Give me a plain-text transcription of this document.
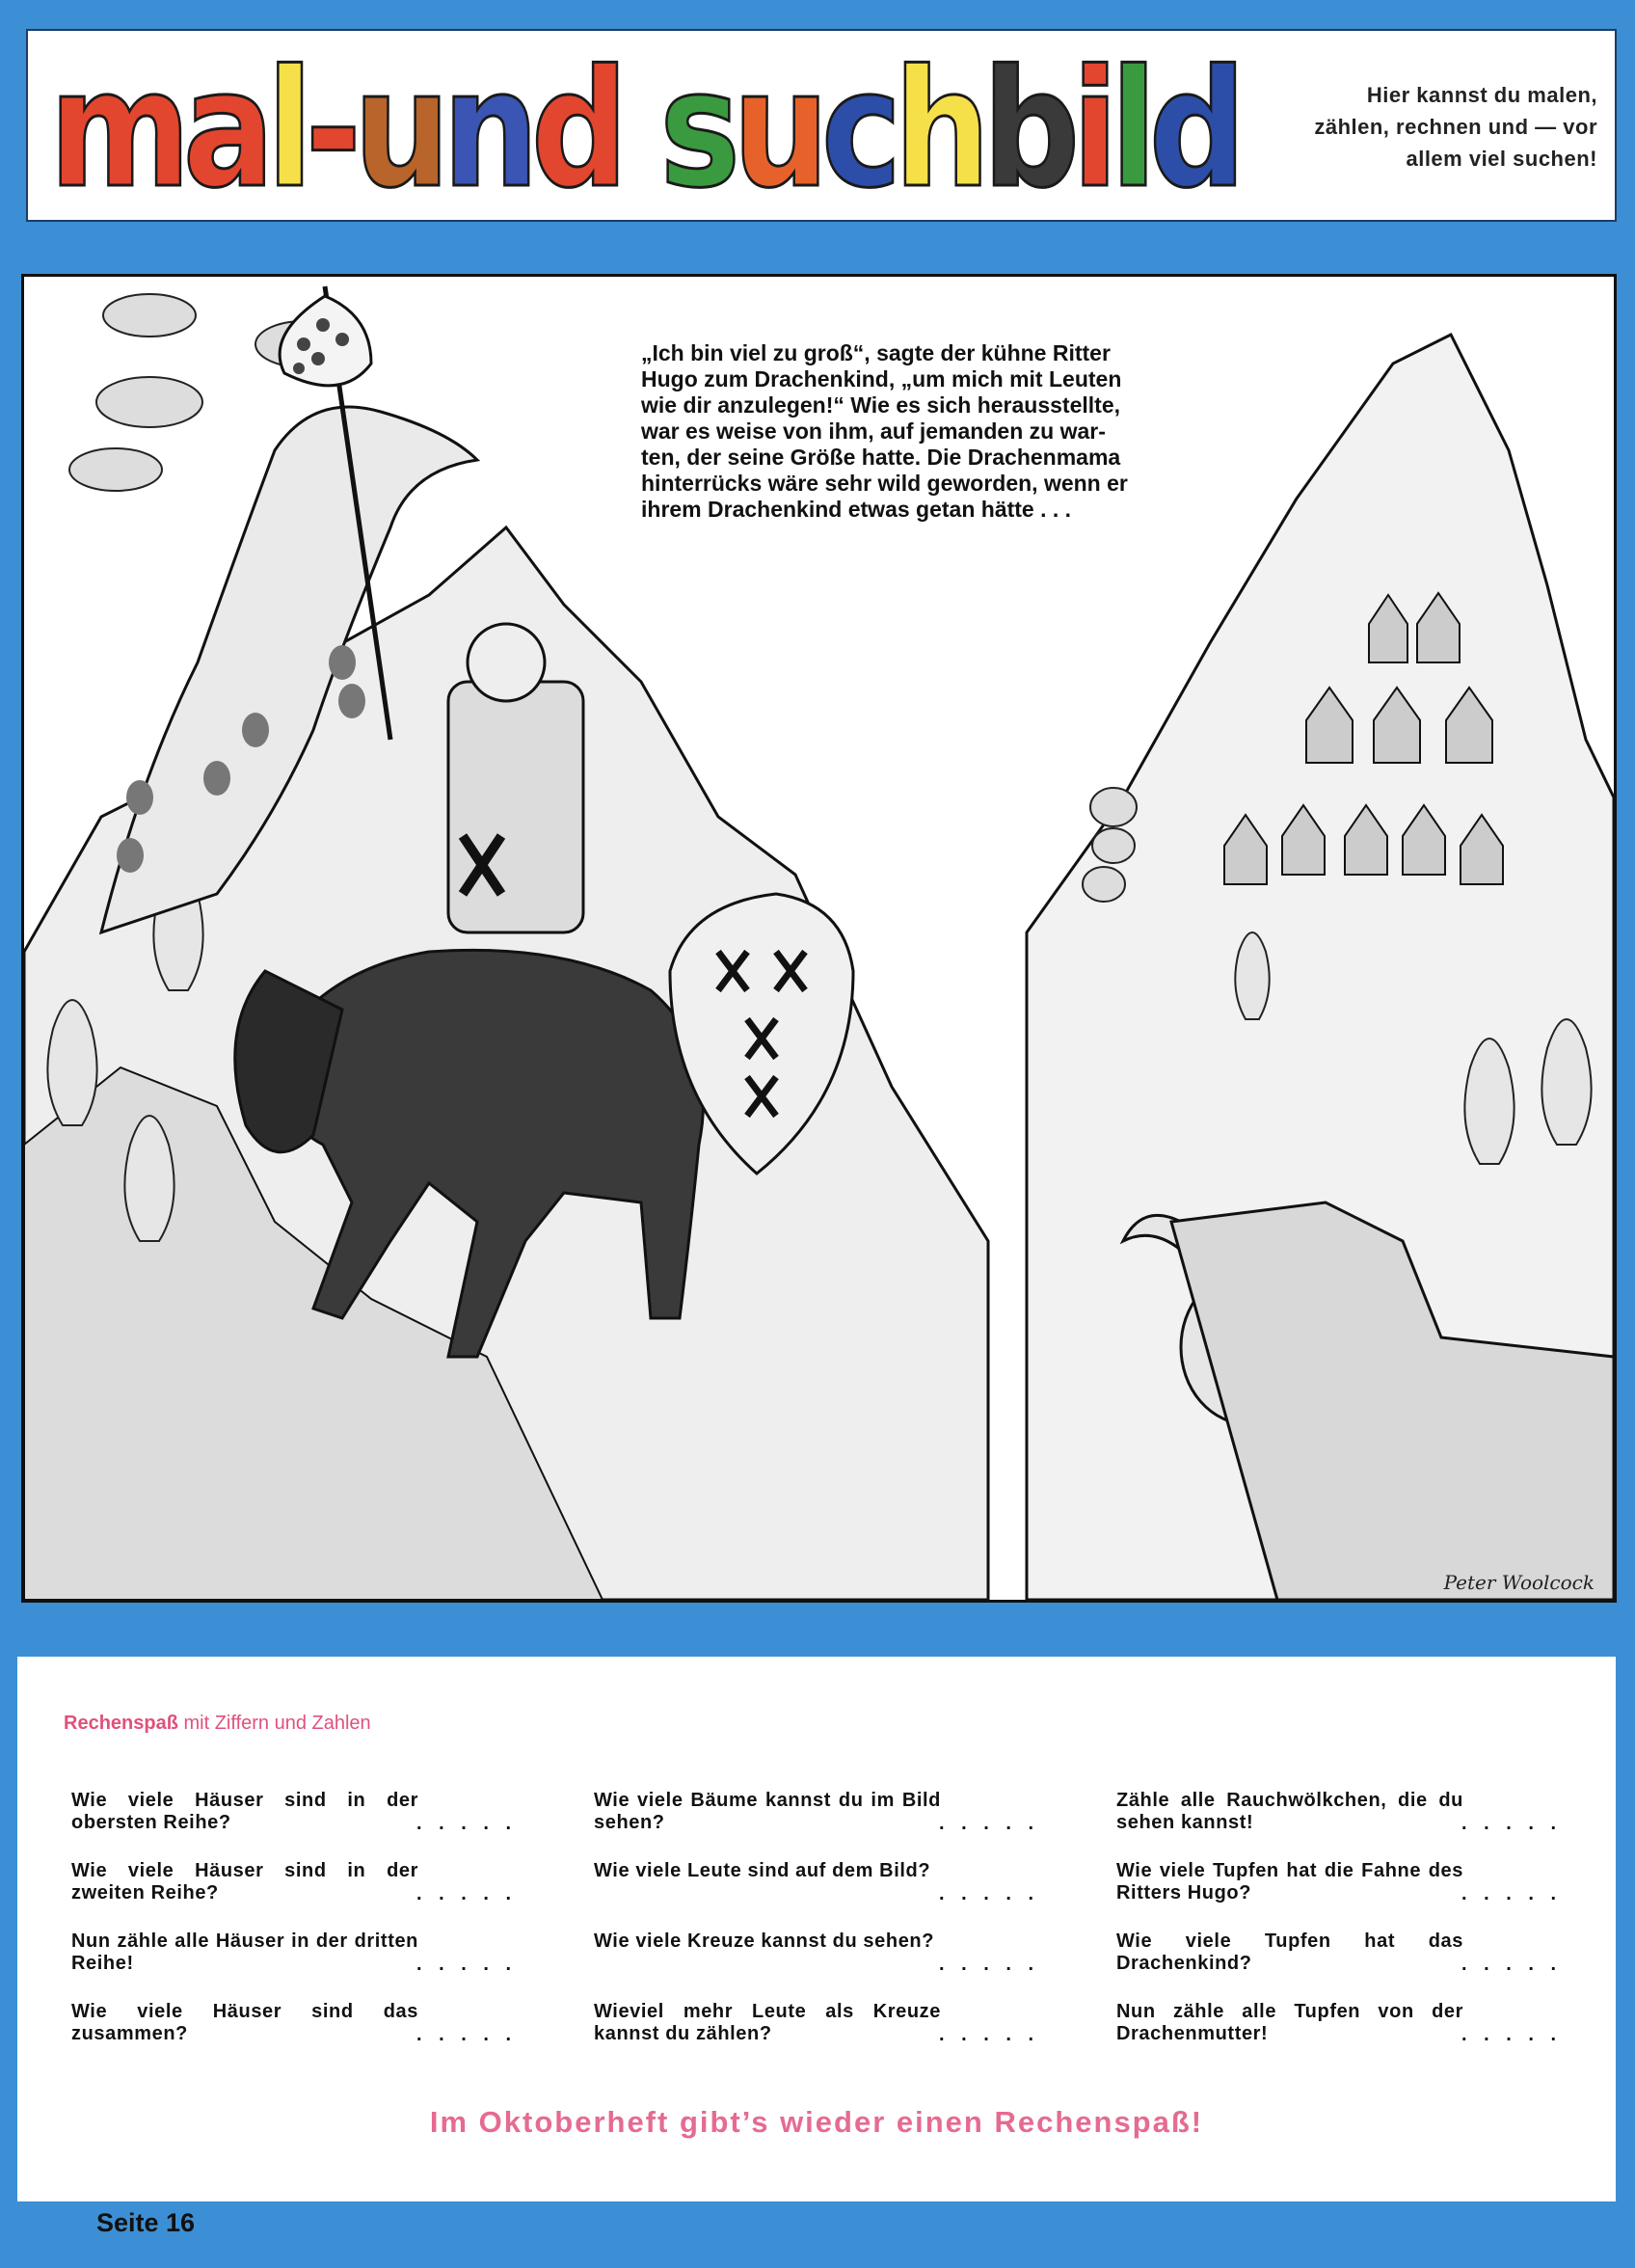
mal-und suchbild	Hier kannst du malen, zählen, rechnen und — vor allem viel suchen!
„Ich bin viel zu groß“, sagte der kühne Ritter
Hugo zum Drachenkind, „um mich mit Leuten
wie dir anzulegen!“ Wie es sich herausstellte,
war es weise von ihm, auf jemanden zu war-
ten, der seine Größe hatte. Die Drachenmama
hinterrücks wäre sehr wild geworden, wenn er
ihrem Drachenkind etwas getan hätte . . .
Peter Woolcock
Rechenspaß mit Ziffern und Zahlen
Wie viele Häuser sind in der obersten Reihe?	. . . . .
Wie viele Häuser sind in der zweiten Reihe?	. . . . .
Nun zähle alle Häuser in der dritten Reihe!	. . . . .
Wie viele Häuser sind das zusammen?	. . . . .
Wie viele Bäume kannst du im Bild sehen?	. . . . .
Wie viele Leute sind auf dem Bild?
. . . . .
Wie viele Kreuze kannst du sehen?
. . . . .
Wieviel mehr Leute als Kreuze kannst du zählen?	. . . . .
Zähle alle Rauchwölkchen, die du sehen kannst!	. . . . .
Wie viele Tupfen hat die Fahne des Ritters Hugo?	. . . . .
Wie viele Tupfen hat das Drachenkind?	. . . . .
Nun zähle alle Tupfen von der Drachenmutter!	. . . . .
Im Oktoberheft gibt’s wieder einen Rechenspaß!
Seite 16
